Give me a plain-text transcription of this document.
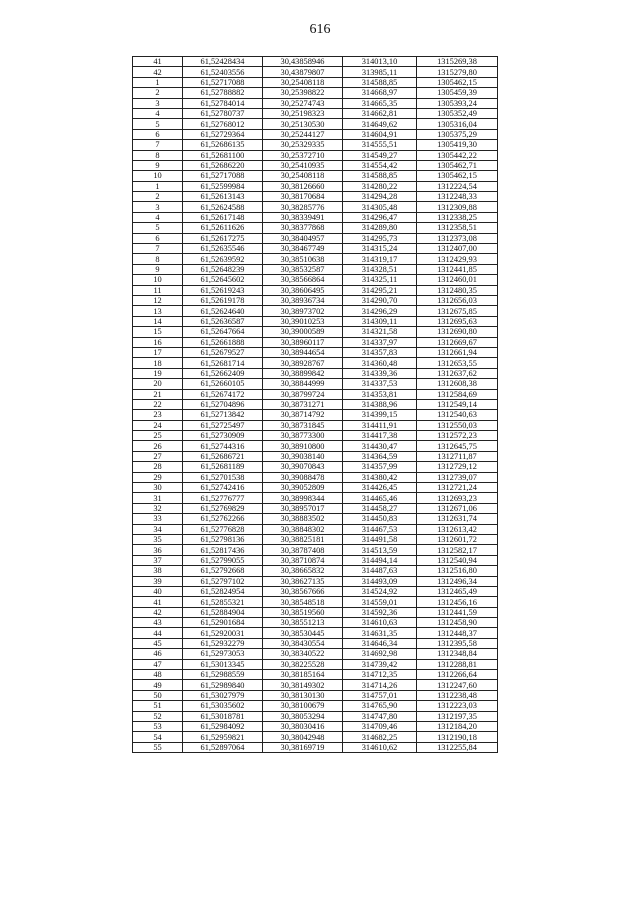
616
41	61,52428434	30,43858946	314013,10	1315269,38
42	61,52403556	30,43879807	313985,11	1315279,80
1	61,52717088	30,25408118	314588,85	1305462,15
2	61,52788882	30,25398822	314668,97	1305459,39
3	61,52784014	30,25274743	314665,35	1305393,24
4	61,52780737	30,25198323	314662,81	1305352,49
5	61,52768012	30,25130530	314649,62	1305316,04
6	61,52729364	30,25244127	314604,91	1305375,29
7	61,52686135	30,25329335	314555,51	1305419,30
8	61,52681100	30,25372710	314549,27	1305442,22
9	61,52686220	30,25410935	314554,42	1305462,71
10	61,52717088	30,25408118	314588,85	1305462,15
1	61,52599984	30,38126660	314280,22	1312224,54
2	61,52613143	30,38170684	314294,28	1312248,33
3	61,52624588	30,38285776	314305,48	1312309,88
4	61,52617148	30,38339491	314296,47	1312338,25
5	61,52611626	30,38377868	314289,80	1312358,51
6	61,52617275	30,38404957	314295,73	1312373,08
7	61,52635546	30,38467749	314315,24	1312407,00
8	61,52639592	30,38510638	314319,17	1312429,93
9	61,52648239	30,38532587	314328,51	1312441,85
10	61,52645602	30,38566864	314325,11	1312460,01
11	61,52619243	30,38606495	314295,21	1312480,35
12	61,52619178	30,38936734	314290,70	1312656,03
13	61,52624640	30,38973702	314296,29	1312675,85
14	61,52636587	30,39010253	314309,11	1312695,63
15	61,52647664	30,39000589	314321,58	1312690,80
16	61,52661888	30,38960117	314337,97	1312669,67
17	61,52679527	30,38944654	314357,83	1312661,94
18	61,52681714	30,38928767	314360,48	1312653,55
19	61,52662409	30,38899842	314339,36	1312637,62
20	61,52660105	30,38844999	314337,53	1312608,38
21	61,52674172	30,38799724	314353,81	1312584,69
22	61,52704896	30,38731271	314388,96	1312549,14
23	61,52713842	30,38714792	314399,15	1312540,63
24	61,52725497	30,38731845	314411,91	1312550,03
25	61,52730909	30,38773300	314417,38	1312572,23
26	61,52744316	30,38910800	314430,47	1312645,75
27	61,52686721	30,39038140	314364,59	1312711,87
28	61,52681189	30,39070843	314357,99	1312729,12
29	61,52701538	30,39088478	314380,42	1312739,07
30	61,52742416	30,39052809	314426,45	1312721,24
31	61,52776777	30,38998344	314465,46	1312693,23
32	61,52769829	30,38957017	314458,27	1312671,06
33	61,52762266	30,38883502	314450,83	1312631,74
34	61,52776828	30,38848302	314467,53	1312613,42
35	61,52798136	30,38825181	314491,58	1312601,72
36	61,52817436	30,38787408	314513,59	1312582,17
37	61,52799055	30,38710874	314494,14	1312540,94
38	61,52792668	30,38665832	314487,63	1312516,80
39	61,52797102	30,38627135	314493,09	1312496,34
40	61,52824954	30,38567666	314524,92	1312465,49
41	61,52855321	30,38548518	314559,01	1312456,16
42	61,52884904	30,38519560	314592,36	1312441,59
43	61,52901684	30,38551213	314610,63	1312458,90
44	61,52920031	30,38530445	314631,35	1312448,37
45	61,52932279	30,38430554	314646,34	1312395,58
46	61,52973053	30,38340522	314692,98	1312348,84
47	61,53013345	30,38225528	314739,42	1312288,81
48	61,52988559	30,38185164	314712,35	1312266,64
49	61,52989840	30,38149302	314714,26	1312247,60
50	61,53027979	30,38130130	314757,01	1312238,48
51	61,53035602	30,38100679	314765,90	1312223,03
52	61,53018781	30,38053294	314747,80	1312197,35
53	61,52984092	30,38030416	314709,46	1312184,20
54	61,52959821	30,38042948	314682,25	1312190,18
55	61,52897064	30,38169719	314610,62	1312255,84
